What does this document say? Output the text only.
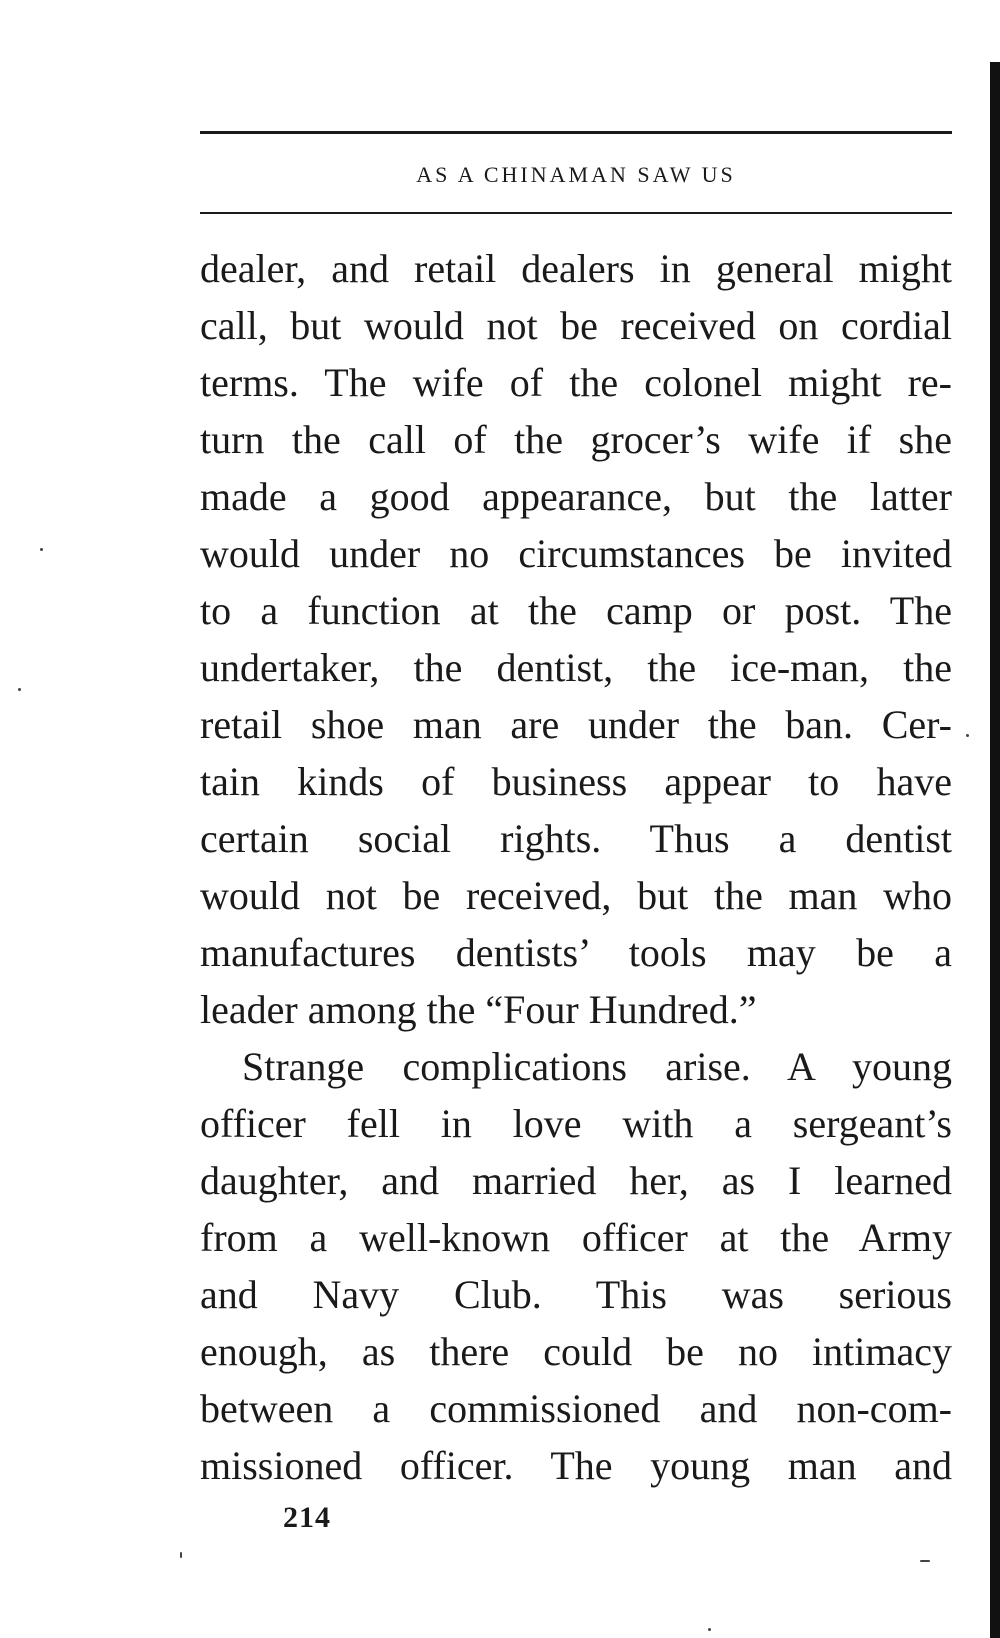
AS A CHINAMAN SAW US
dealer, and retail dealers in general might
call, but would not be received on cordial
terms. The wife of the colonel might re-
turn the call of the grocer’s wife if she
made a good appearance, but the latter
would under no circumstances be invited
to a function at the camp or post. The
undertaker, the dentist, the ice-man, the
retail shoe man are under the ban. Cer-
tain kinds of business appear to have
certain social rights. Thus a dentist
would not be received, but the man who
manufactures dentists’ tools may be a
leader among the “Four Hundred.”
Strange complications arise. A young
officer fell in love with a sergeant’s
daughter, and married her, as I learned
from a well-known officer at the Army
and Navy Club. This was serious
enough, as there could be no intimacy
between a commissioned and non-com-
missioned officer. The young man and
214
